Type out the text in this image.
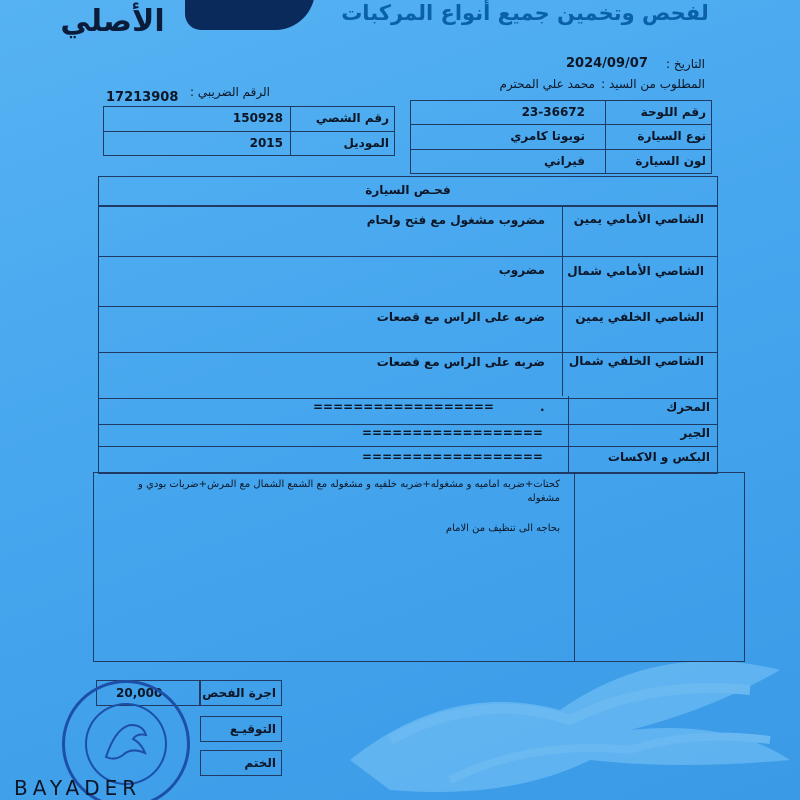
الأصلي	لفحص وتخمين جميع أنواع المركبات
التاريخ :
2024/09/07
المطلوب من السيد :
محمد علي المحترم
الرقم الضريبي :
17213908
رقم اللوحة
23-36672
نوع السيارة
تويوتا كامري
لون السيارة
فيراني
رقم الشصي
150928
الموديل
2015
فحـص السيارة
الشاصي الأمامي يمين
مضروب مشغول مع فتح ولحام
الشاصي الأمامي شمال
مضروب
الشاصي الخلفي يمين
ضربه على الراس مع قصعات
الشاصي الخلفي شمال
ضربه على الراس مع قصعات
المحرك
.
==================
الجير
==================
البكس و الاكسات
==================
كحتات+ضربه اماميه و مشغوله+ضربه خلفيه و مشغوله مع الشمع الشمال مع المرش+ضربات بودي و
مشغوله
بحاجه الى تنظيف من الامام
اجرة الفحص
20,000
التوقيـع
الختم
BAYADER
